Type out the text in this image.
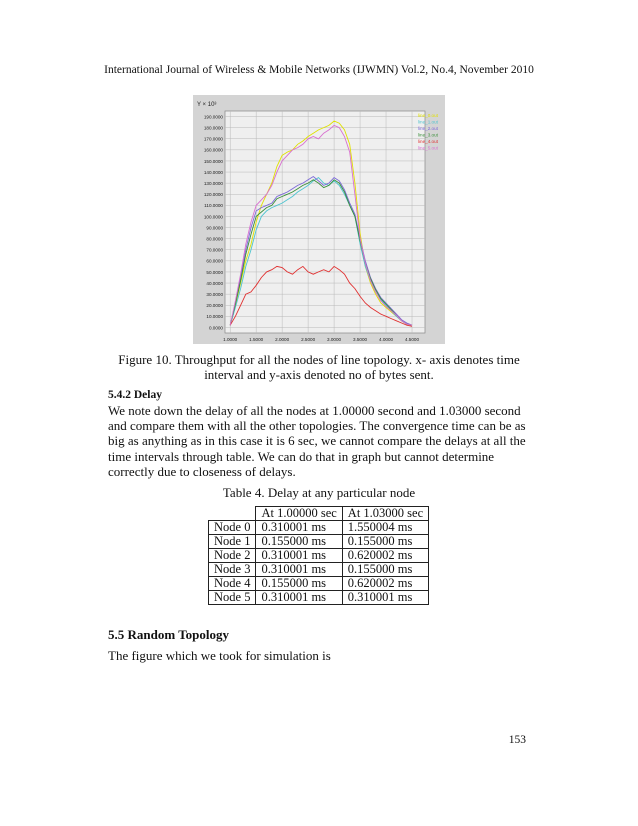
International Journal of Wireless & Mobile Networks (IJWMN) Vol.2, No.4, November 2010
Y × 10³
0.0000
10.0000
20.0000
30.0000
40.0000
50.0000
60.0000
70.0000
80.0000
90.0000
100.0000
110.0000
120.0000
130.0000
140.0000
150.0000
160.0000
170.0000
180.0000
190.0000
1.0000	1.5000	2.0000	2.5000	3.0000	3.5000	4.0000	4.5000
line_0.out
line_1.out
line_2.out
line_3.out
line_4.out
line_5.out
Figure 10. Throughput for all the nodes of line topology. x- axis denotes time interval and y-axis denoted no of bytes sent.
5.4.2 Delay
We note down the delay of all the nodes at 1.00000 second and 1.03000 second and compare them with all the other topologies. The convergence time can be as big as anything as in this case it is 6 sec, we cannot compare the delays at all the time intervals through table. We can do that in graph but cannot determine correctly due to closeness of delays.
Table 4. Delay at any particular node
	At 1.00000 sec	At 1.03000 sec
Node 0	0.310001 ms	1.550004 ms
Node 1	0.155000 ms	0.155000 ms
Node 2	0.310001 ms	0.620002 ms
Node 3	0.310001 ms	0.155000 ms
Node 4	0.155000 ms	0.620002 ms
Node 5	0.310001 ms	0.310001 ms
5.5 Random Topology
The figure which we took for simulation is
153
